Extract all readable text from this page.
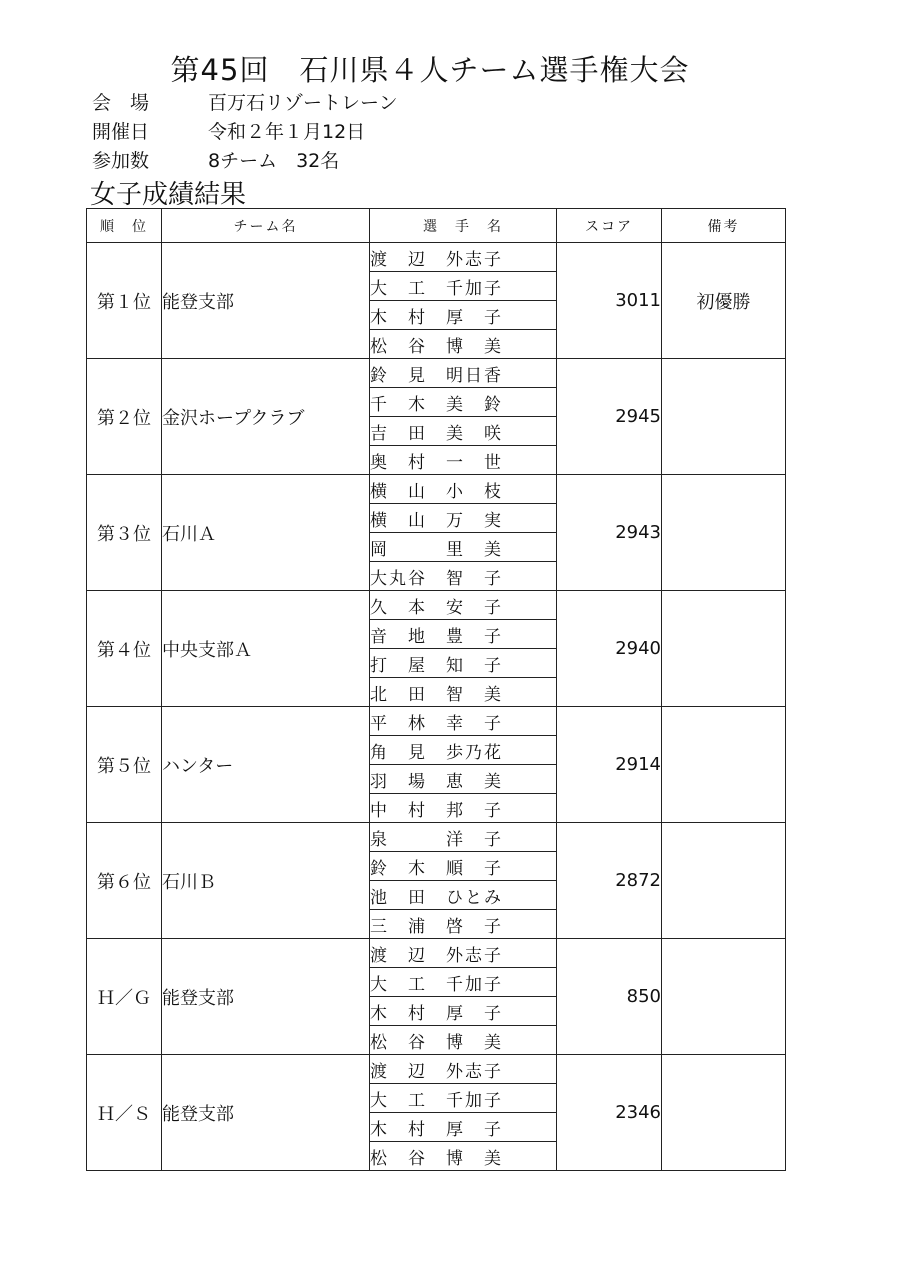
第45回　石川県４人チーム選手権大会
会　場	百万石リゾートレーン
開催日	令和２年１月12日
参加数	8チーム　32名
女子成績結果
順　位	チーム名	選　手　名	スコア	備考
第１位	能登支部	渡　辺　外志子	3011	初優勝
		大　工　千加子		
		木　村　厚　子		
		松　谷　博　美		
第２位	金沢ホープクラブ	鈴　見　明日香	2945	
		千　木　美　鈴		
		吉　田　美　咲		
		奥　村　一　世		
第３位	石川Ａ	横　山　小　枝	2943	
		横　山　万　実		
		岡　　　里　美		
		大丸谷　智　子		
第４位	中央支部Ａ	久　本　安　子	2940	
		音　地　豊　子		
		打　屋　知　子		
		北　田　智　美		
第５位	ハンター	平　林　幸　子	2914	
		角　見　歩乃花		
		羽　場　恵　美		
		中　村　邦　子		
第６位	石川Ｂ	泉　　　洋　子	2872	
		鈴　木　順　子		
		池　田　ひとみ		
		三　浦　啓　子		
Ｈ／Ｇ	能登支部	渡　辺　外志子	850	
		大　工　千加子		
		木　村　厚　子		
		松　谷　博　美		
Ｈ／Ｓ	能登支部	渡　辺　外志子	2346	
		大　工　千加子		
		木　村　厚　子		
		松　谷　博　美		
